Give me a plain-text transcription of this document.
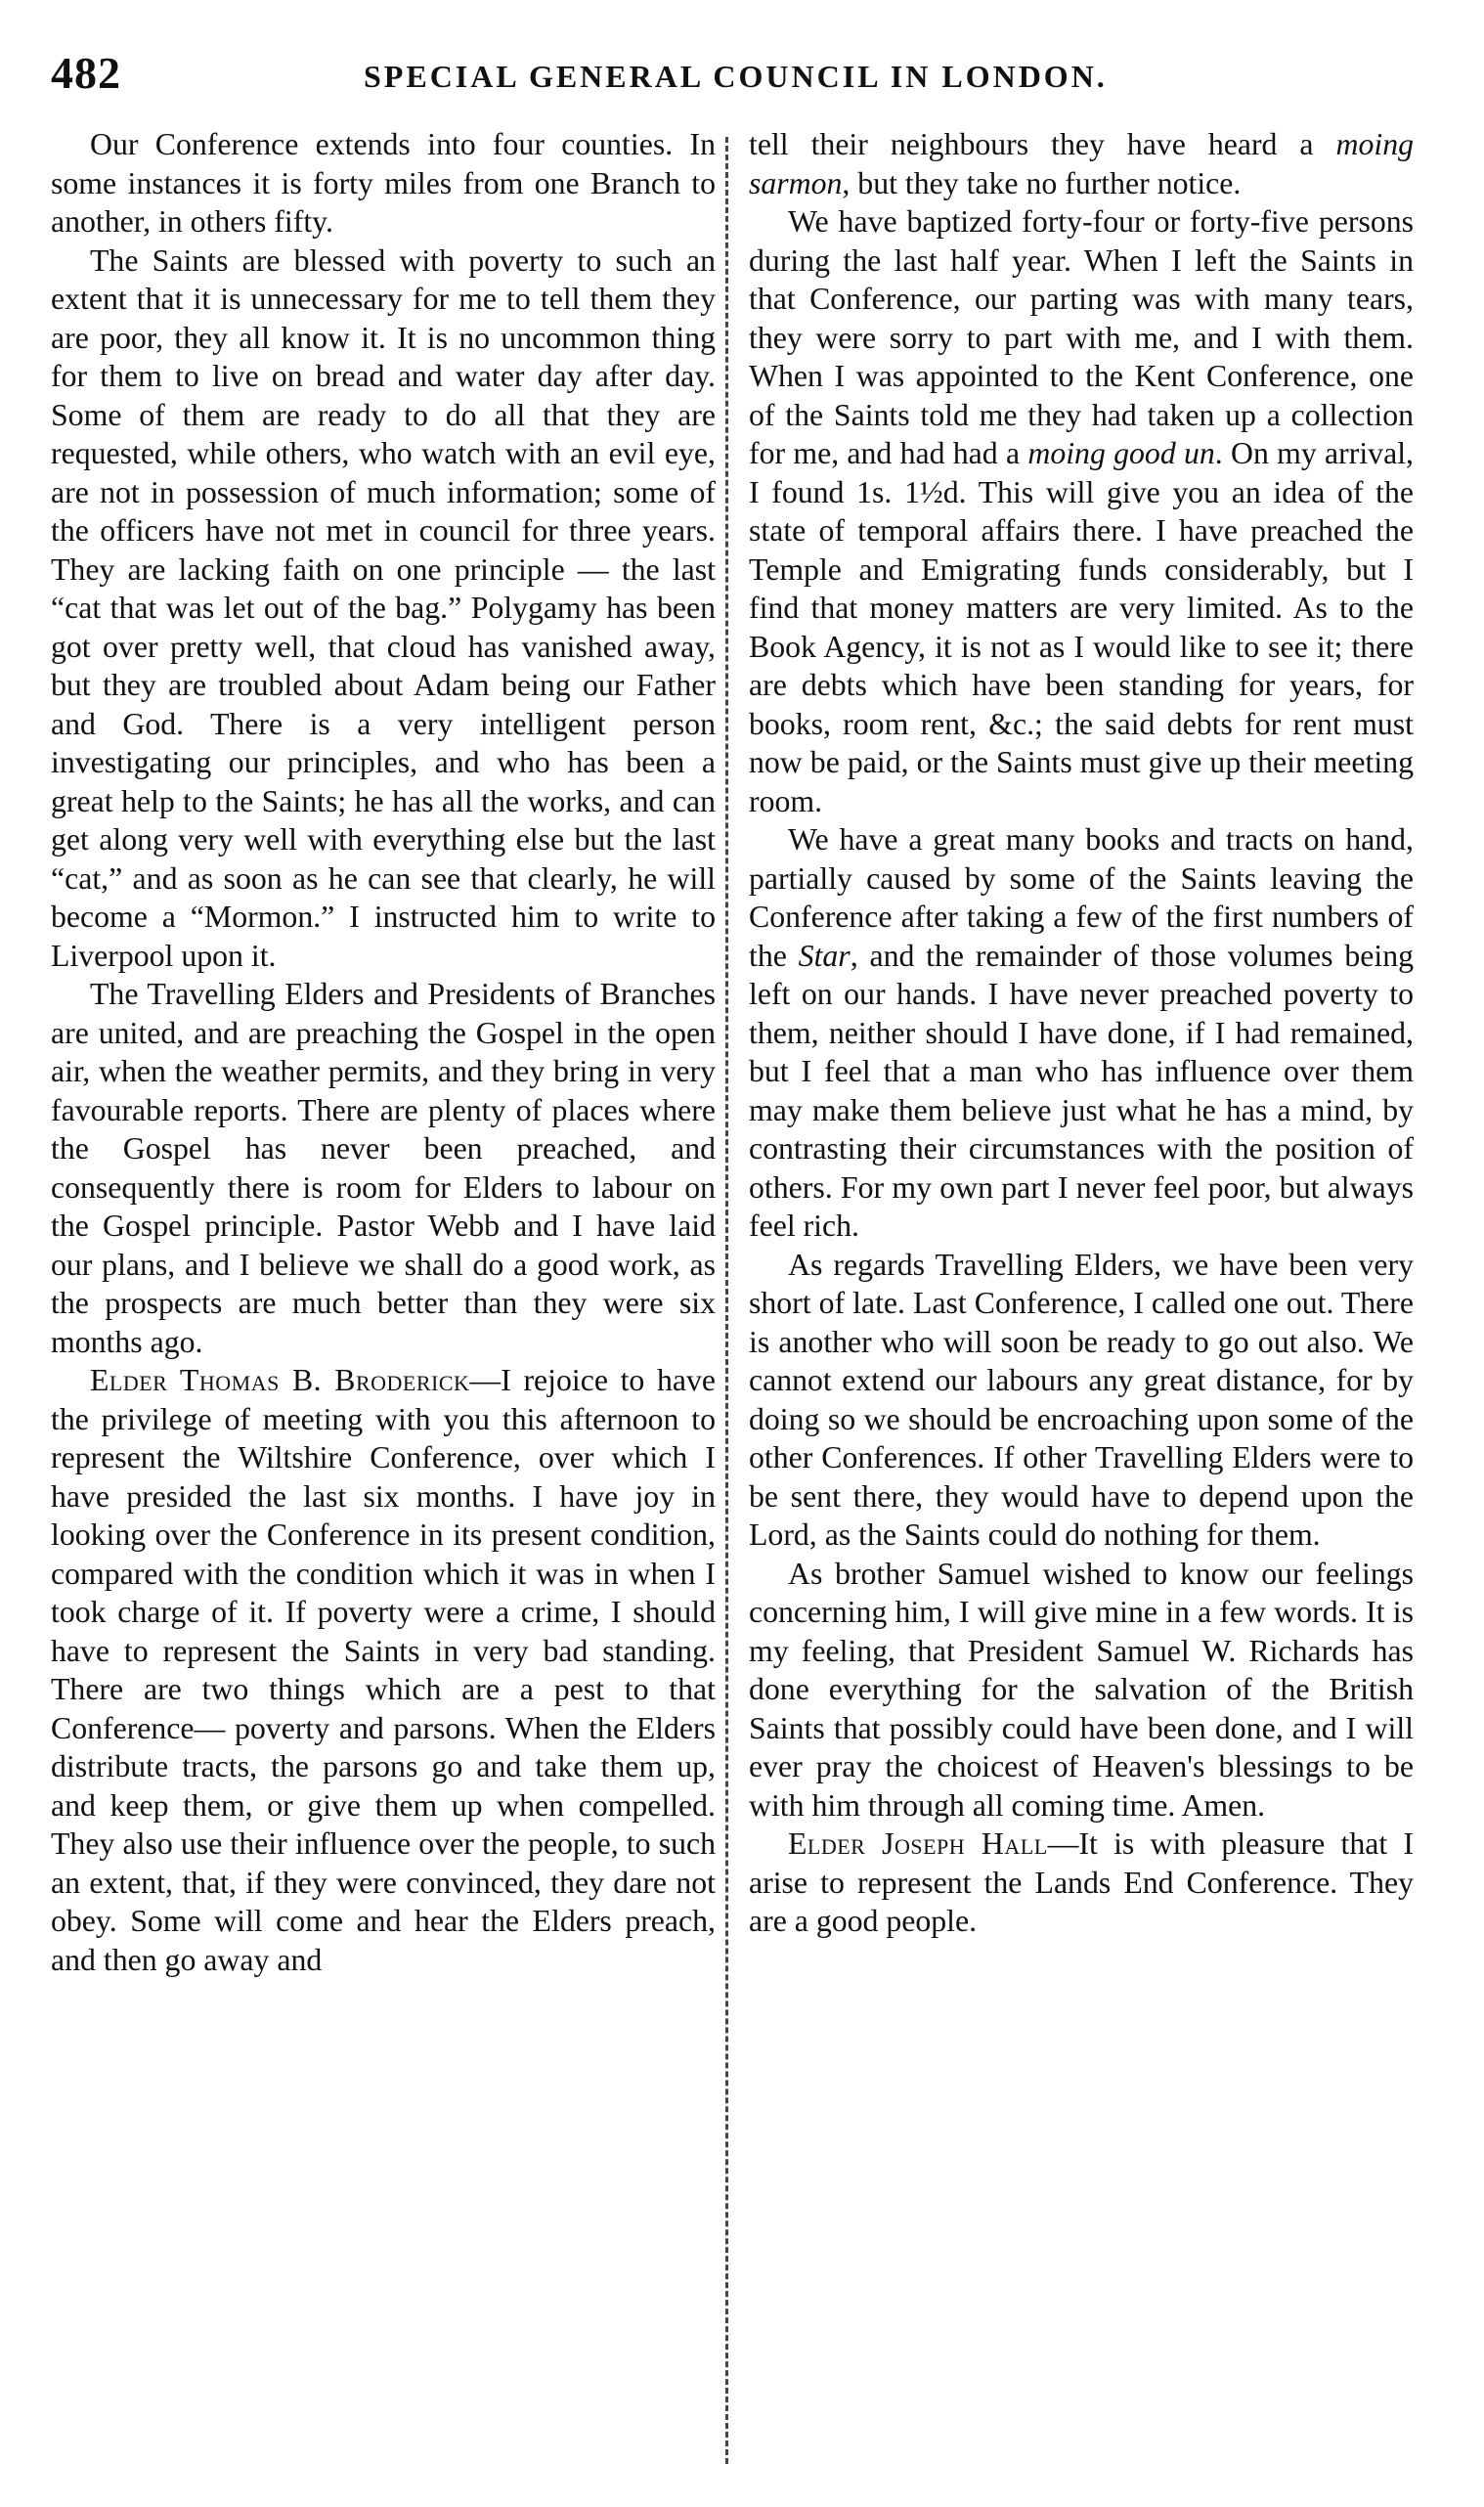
482	SPECIAL GENERAL COUNCIL IN LONDON.

Our Conference extends into four counties. In some instances it is forty miles from one Branch to another, in others fifty.

The Saints are blessed with poverty to such an extent that it is unnecessary for me to tell them they are poor, they all know it. It is no uncommon thing for them to live on bread and water day after day. Some of them are ready to do all that they are requested, while others, who watch with an evil eye, are not in possession of much information; some of the officers have not met in council for three years. They are lacking faith on one principle — the last “cat that was let out of the bag.” Polygamy has been got over pretty well, that cloud has vanished away, but they are troubled about Adam being our Father and God. There is a very intelligent person investigating our principles, and who has been a great help to the Saints; he has all the works, and can get along very well with everything else but the last “cat,” and as soon as he can see that clearly, he will become a “Mormon.” I instructed him to write to Liverpool upon it.

The Travelling Elders and Presidents of Branches are united, and are preaching the Gospel in the open air, when the weather permits, and they bring in very favourable reports. There are plenty of places where the Gospel has never been preached, and consequently there is room for Elders to labour on the Gospel principle. Pastor Webb and I have laid our plans, and I believe we shall do a good work, as the prospects are much better than they were six months ago.

Elder Thomas B. Broderick—I rejoice to have the privilege of meeting with you this afternoon to represent the Wiltshire Conference, over which I have presided the last six months. I have joy in looking over the Conference in its present condition, compared with the condition which it was in when I took charge of it. If poverty were a crime, I should have to represent the Saints in very bad standing. There are two things which are a pest to that Conference— poverty and parsons. When the Elders distribute tracts, the parsons go and take them up, and keep them, or give them up when compelled. They also use their influence over the people, to such an extent, that, if they were convinced, they dare not obey. Some will come and hear the Elders preach, and then go away and

tell their neighbours they have heard a moing sarmon, but they take no further notice.

We have baptized forty-four or forty-five persons during the last half year. When I left the Saints in that Conference, our parting was with many tears, they were sorry to part with me, and I with them. When I was appointed to the Kent Conference, one of the Saints told me they had taken up a collection for me, and had had a moing good un. On my arrival, I found 1s. 1½d. This will give you an idea of the state of temporal affairs there. I have preached the Temple and Emigrating funds considerably, but I find that money matters are very limited. As to the Book Agency, it is not as I would like to see it; there are debts which have been standing for years, for books, room rent, &c.; the said debts for rent must now be paid, or the Saints must give up their meeting room.

We have a great many books and tracts on hand, partially caused by some of the Saints leaving the Conference after taking a few of the first numbers of the Star, and the remainder of those volumes being left on our hands. I have never preached poverty to them, neither should I have done, if I had remained, but I feel that a man who has influence over them may make them believe just what he has a mind, by contrasting their circumstances with the position of others. For my own part I never feel poor, but always feel rich.

As regards Travelling Elders, we have been very short of late. Last Conference, I called one out. There is another who will soon be ready to go out also. We cannot extend our labours any great distance, for by doing so we should be encroaching upon some of the other Conferences. If other Travelling Elders were to be sent there, they would have to depend upon the Lord, as the Saints could do nothing for them.

As brother Samuel wished to know our feelings concerning him, I will give mine in a few words. It is my feeling, that President Samuel W. Richards has done everything for the salvation of the British Saints that possibly could have been done, and I will ever pray the choicest of Heaven's blessings to be with him through all coming time. Amen.

Elder Joseph Hall—It is with pleasure that I arise to represent the Lands End Conference. They are a good people.
